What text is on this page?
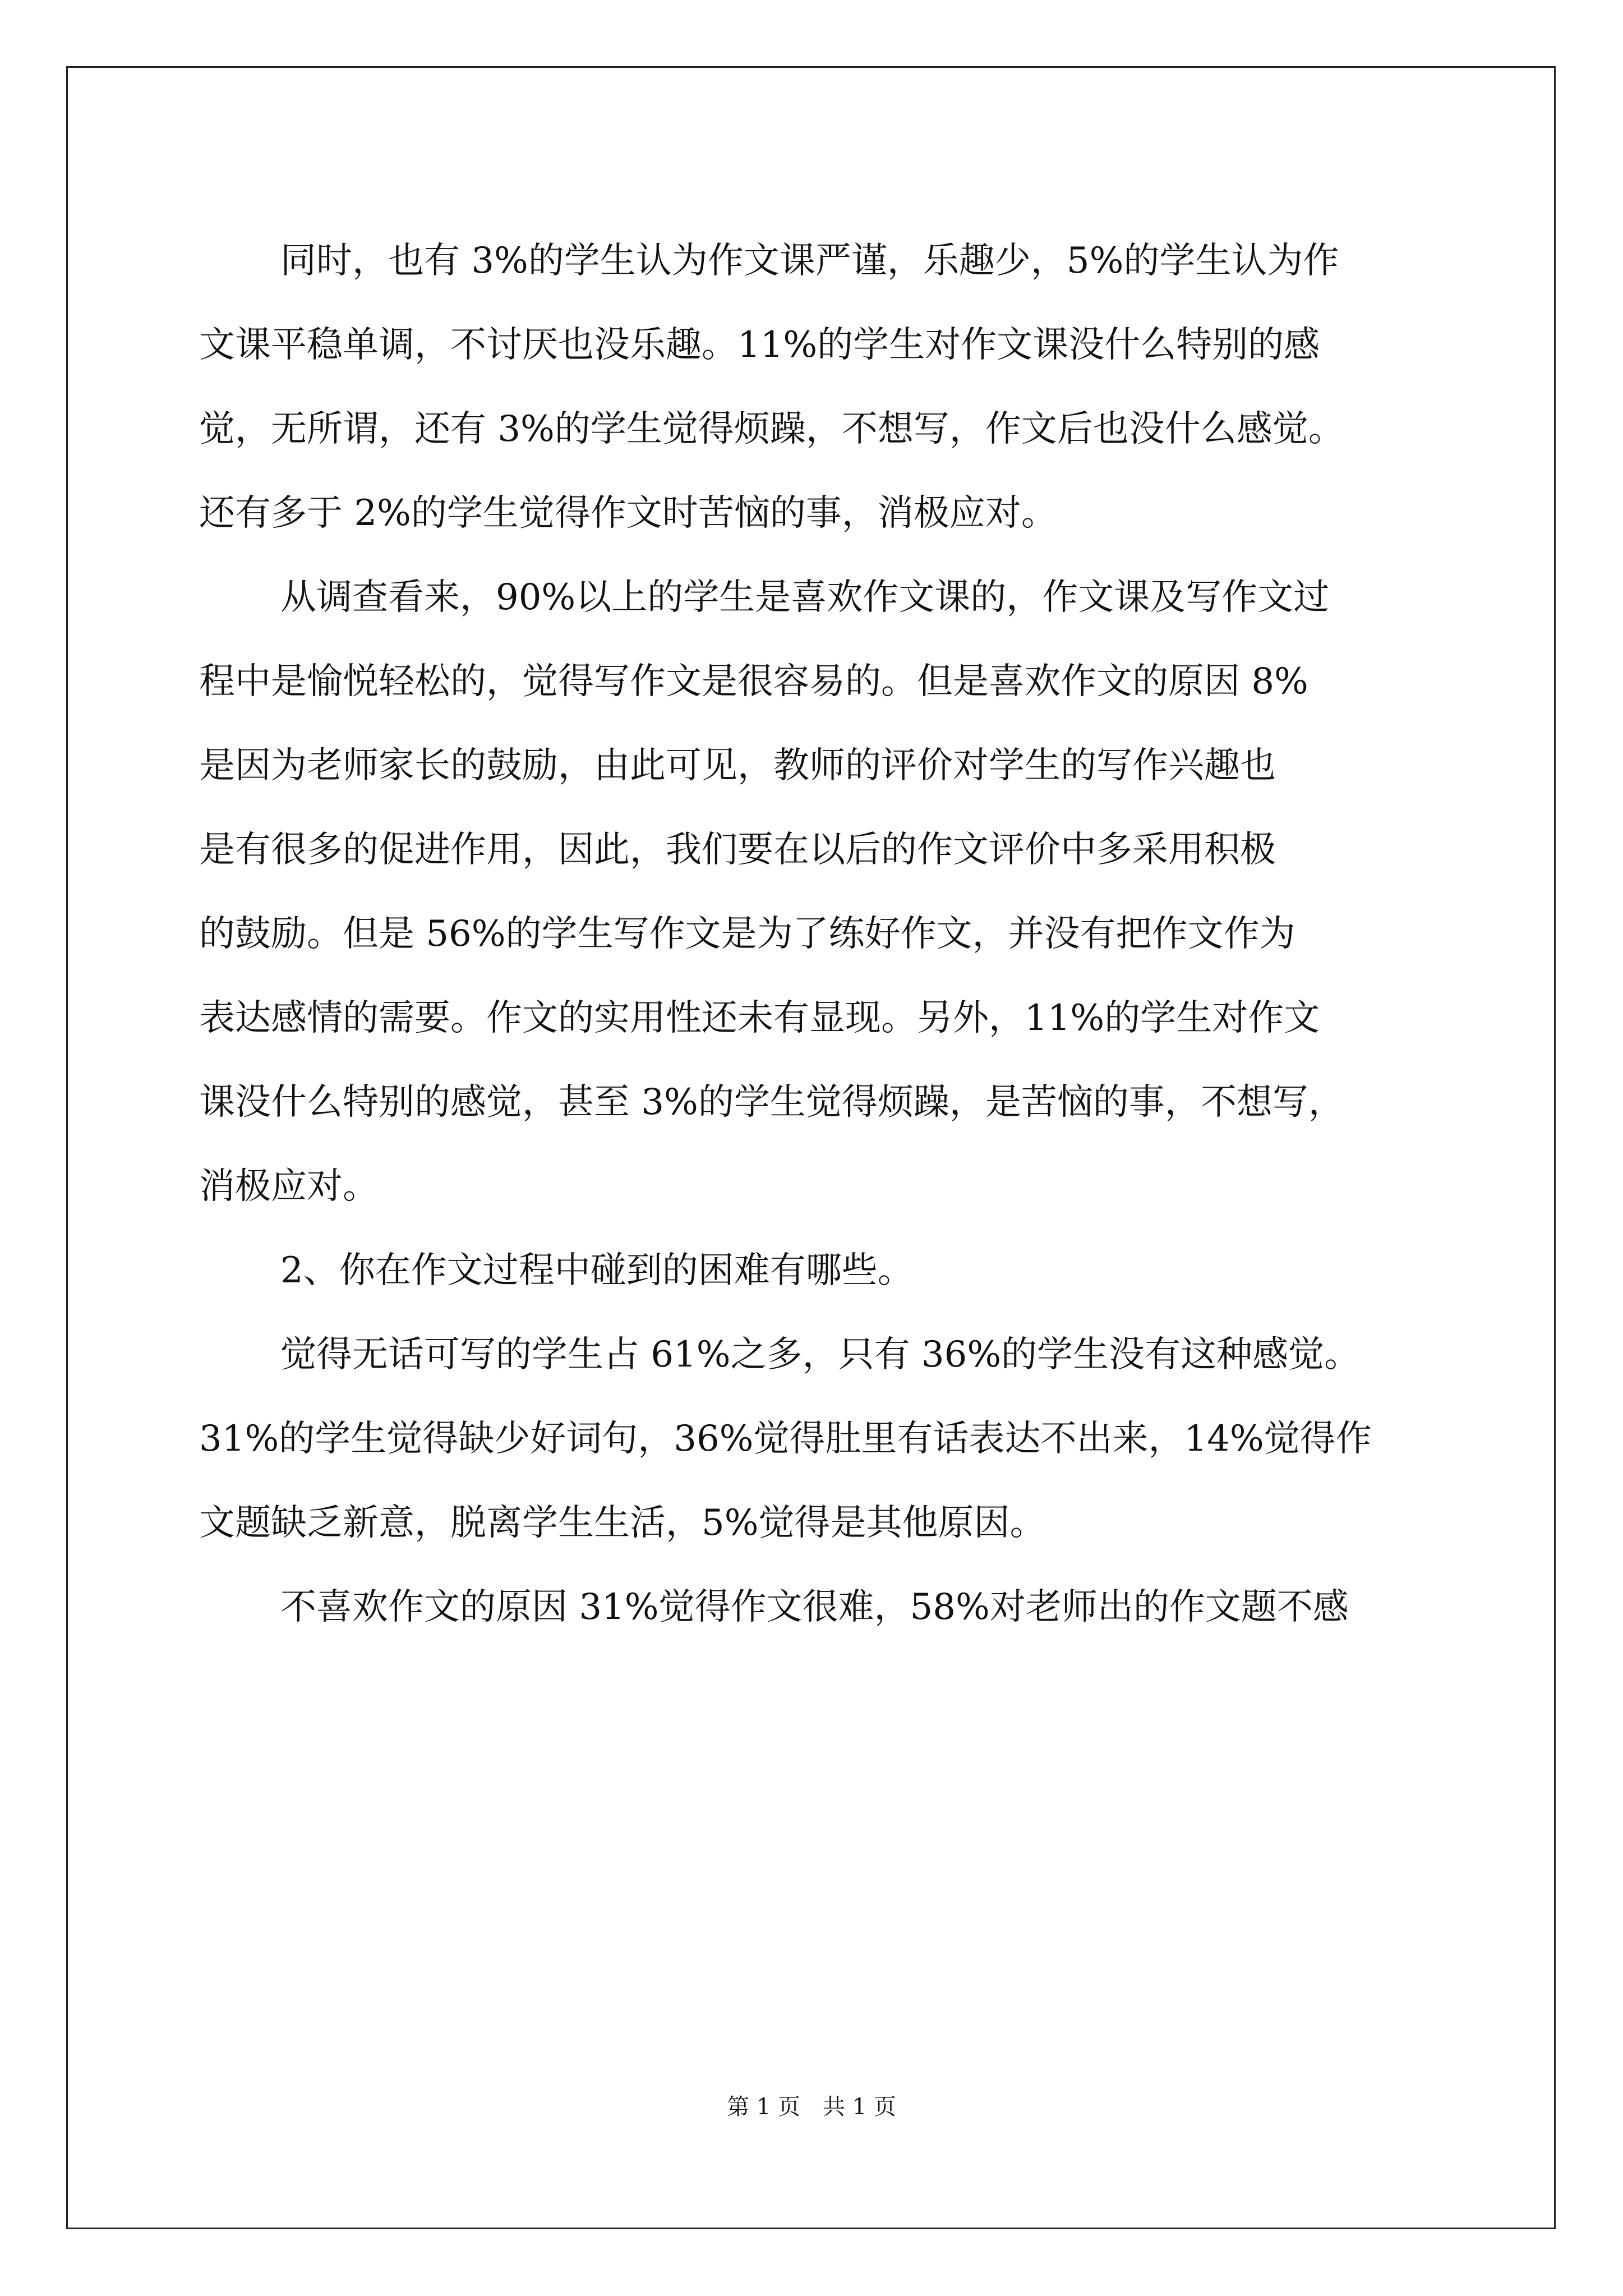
同时，也有 3%的学生认为作文课严谨，乐趣少，5%的学生认为作
文课平稳单调，不讨厌也没乐趣。11%的学生对作文课没什么特别的感
觉，无所谓，还有 3%的学生觉得烦躁，不想写，作文后也没什么感觉。
还有多于 2%的学生觉得作文时苦恼的事，消极应对。
从调查看来，90%以上的学生是喜欢作文课的，作文课及写作文过
程中是愉悦轻松的，觉得写作文是很容易的。但是喜欢作文的原因 8%
是因为老师家长的鼓励，由此可见，教师的评价对学生的写作兴趣也
是有很多的促进作用，因此，我们要在以后的作文评价中多采用积极
的鼓励。但是 56%的学生写作文是为了练好作文，并没有把作文作为
表达感情的需要。作文的实用性还未有显现。另外，11%的学生对作文
课没什么特别的感觉，甚至 3%的学生觉得烦躁，是苦恼的事，不想写，
消极应对。
2、你在作文过程中碰到的困难有哪些。
觉得无话可写的学生占 61%之多，只有 36%的学生没有这种感觉。
31%的学生觉得缺少好词句，36%觉得肚里有话表达不出来，14%觉得作
文题缺乏新意，脱离学生生活，5%觉得是其他原因。
不喜欢作文的原因 31%觉得作文很难，58%对老师出的作文题不感
第 1 页　共 1 页
